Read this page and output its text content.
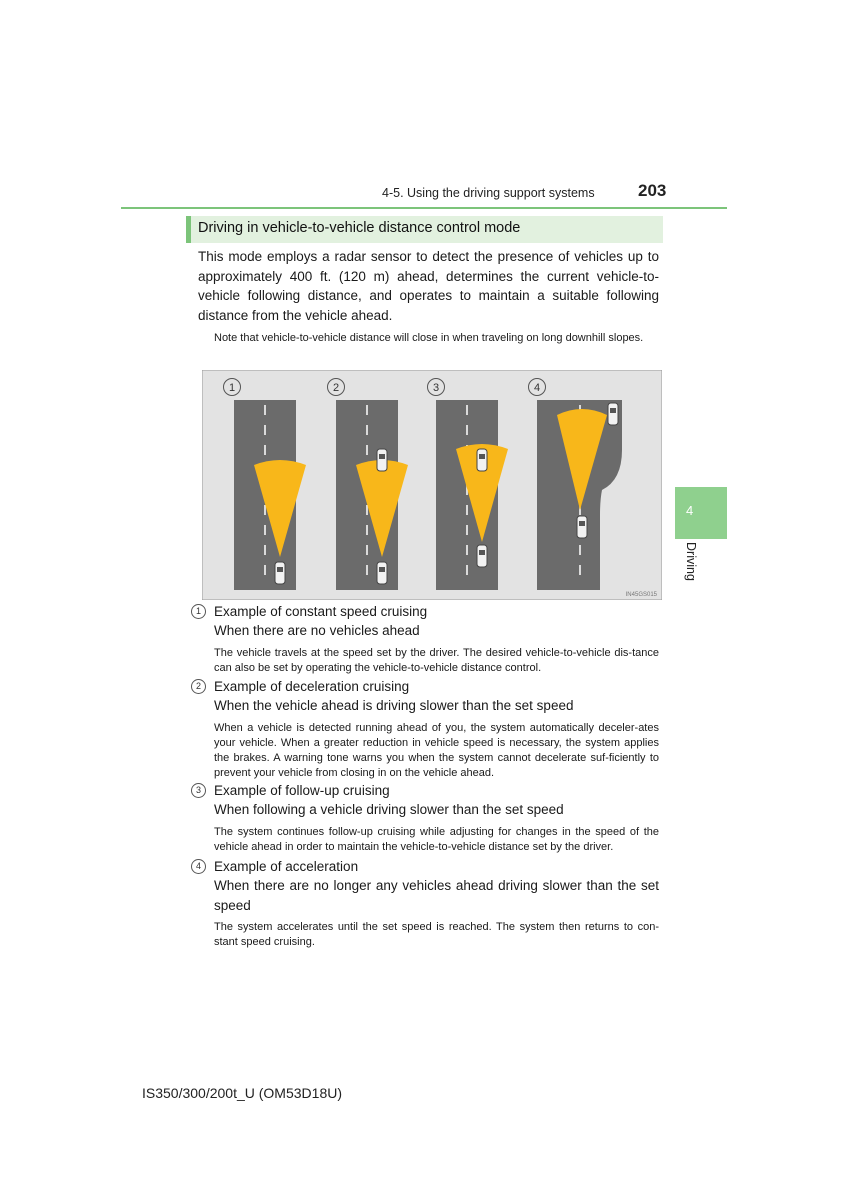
4-5. Using the driving support systems	203
4
Driving
Driving in vehicle-to-vehicle distance control mode
This mode employs a radar sensor to detect the presence of vehicles up to approximately 400 ft. (120 m) ahead, determines the current vehicle-to-vehicle following distance, and operates to maintain a suitable following distance from the vehicle ahead.
Note that vehicle-to-vehicle distance will close in when traveling on long downhill slopes.
1	2	3	4
IN45GS015
1 Example of constant speed cruising
When there are no vehicles ahead
The vehicle travels at the speed set by the driver. The desired vehicle-to-vehicle dis-tance can also be set by operating the vehicle-to-vehicle distance control.
2 Example of deceleration cruising
When the vehicle ahead is driving slower than the set speed
When a vehicle is detected running ahead of you, the system automatically deceler-ates your vehicle. When a greater reduction in vehicle speed is necessary, the system applies the brakes. A warning tone warns you when the system cannot decelerate suf-ficiently to prevent your vehicle from closing in on the vehicle ahead.
3 Example of follow-up cruising
When following a vehicle driving slower than the set speed
The system continues follow-up cruising while adjusting for changes in the speed of the vehicle ahead in order to maintain the vehicle-to-vehicle distance set by the driver.
4 Example of acceleration
When there are no longer any vehicles ahead driving slower than the set speed
The system accelerates until the set speed is reached. The system then returns to con-stant speed cruising.
IS350/300/200t_U (OM53D18U)
